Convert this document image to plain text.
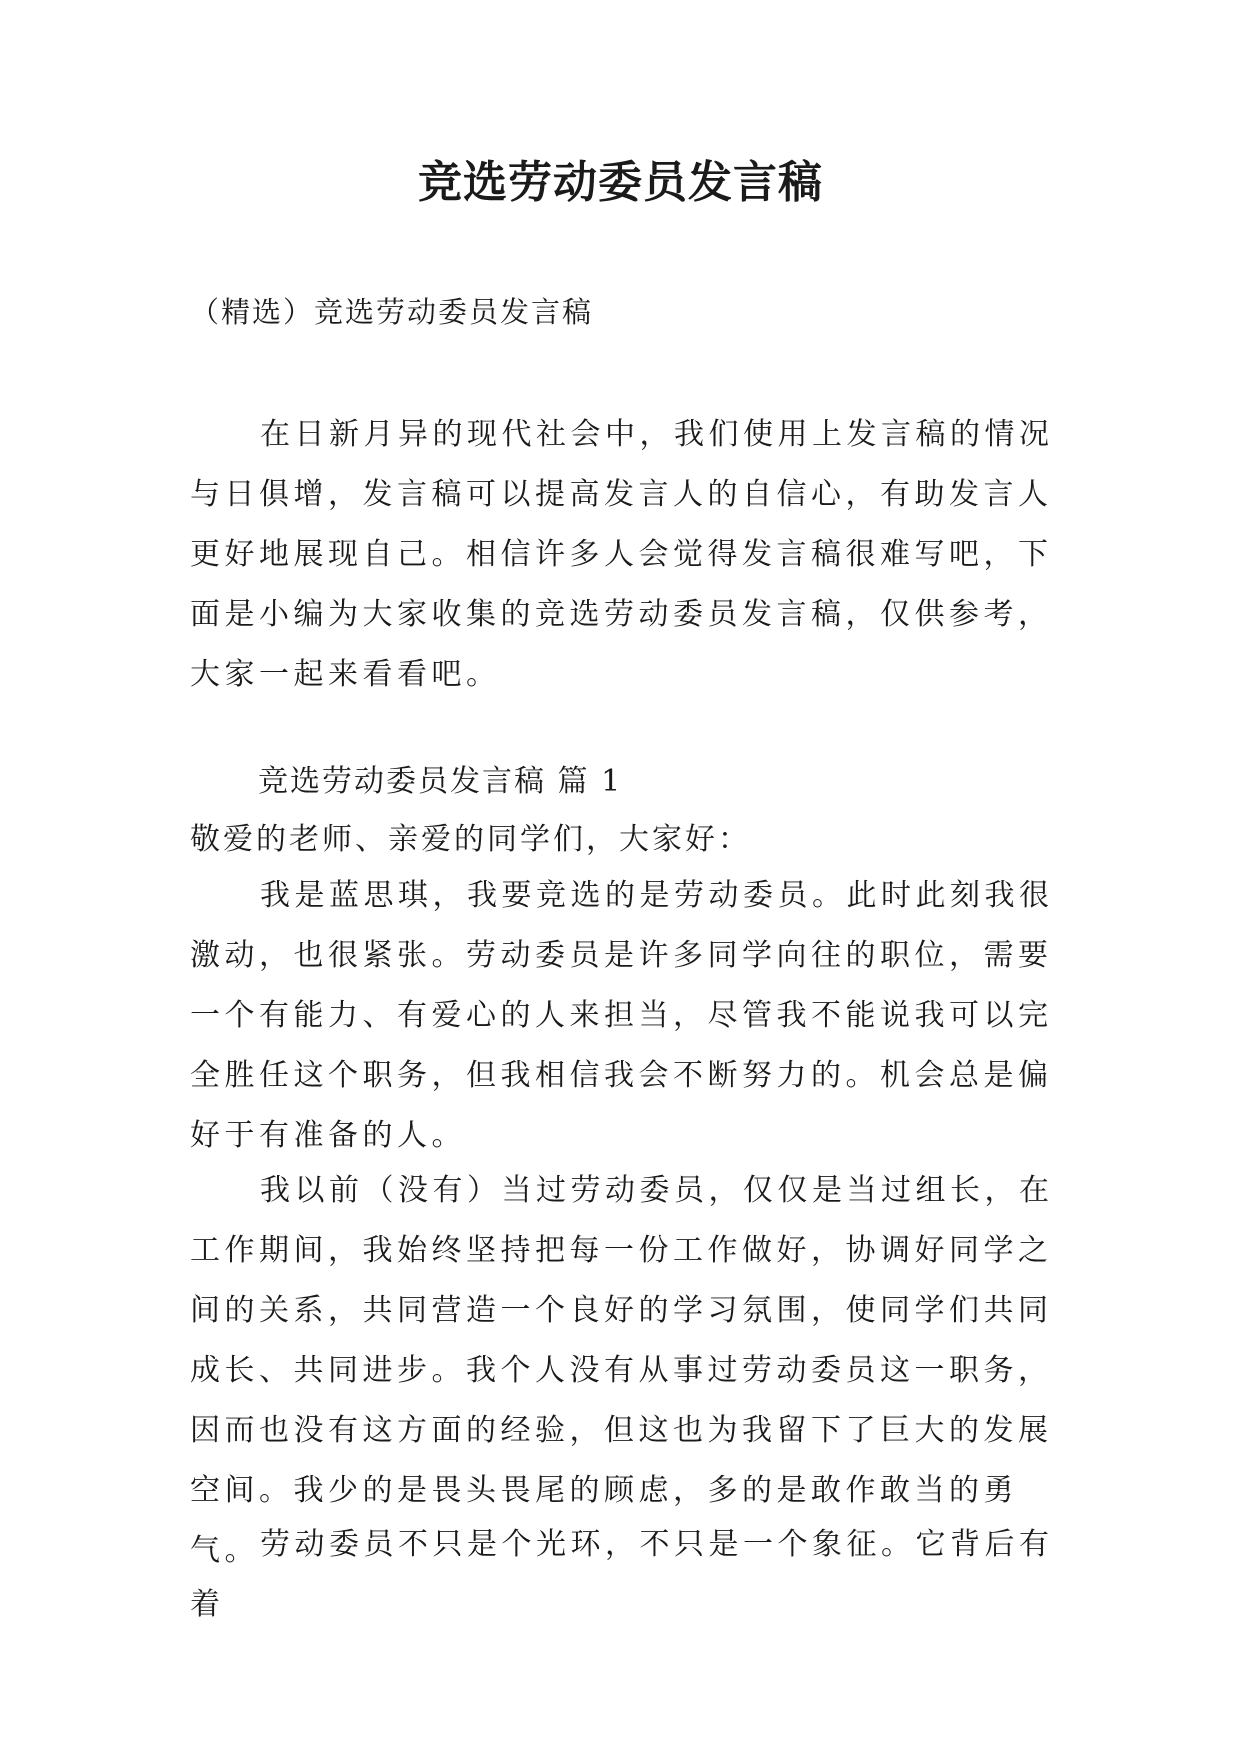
竞选劳动委员发言稿

（精选）竞选劳动委员发言稿

在日新月异的现代社会中，我们使用上发言稿的情况与日俱增，发言稿可以提高发言人的自信心，有助发言人更好地展现自己。相信许多人会觉得发言稿很难写吧，下面是小编为大家收集的竞选劳动委员发言稿，仅供参考，大家一起来看看吧。

竞选劳动委员发言稿 篇 1

敬爱的老师、亲爱的同学们，大家好：

我是蓝思琪，我要竞选的是劳动委员。此时此刻我很激动，也很紧张。劳动委员是许多同学向往的职位，需要一个有能力、有爱心的人来担当，尽管我不能说我可以完全胜任这个职务，但我相信我会不断努力的。机会总是偏好于有准备的人。

我以前（没有）当过劳动委员，仅仅是当过组长，在工作期间，我始终坚持把每一份工作做好，协调好同学之间的关系，共同营造一个良好的学习氛围，使同学们共同成长、共同进步。我个人没有从事过劳动委员这一职务，因而也没有这方面的经验，但这也为我留下了巨大的发展空间。我少的是畏头畏尾的顾虑，多的是敢作敢当的勇气。 劳动委员不只是个光环，不只是一个象征。它背后有着
